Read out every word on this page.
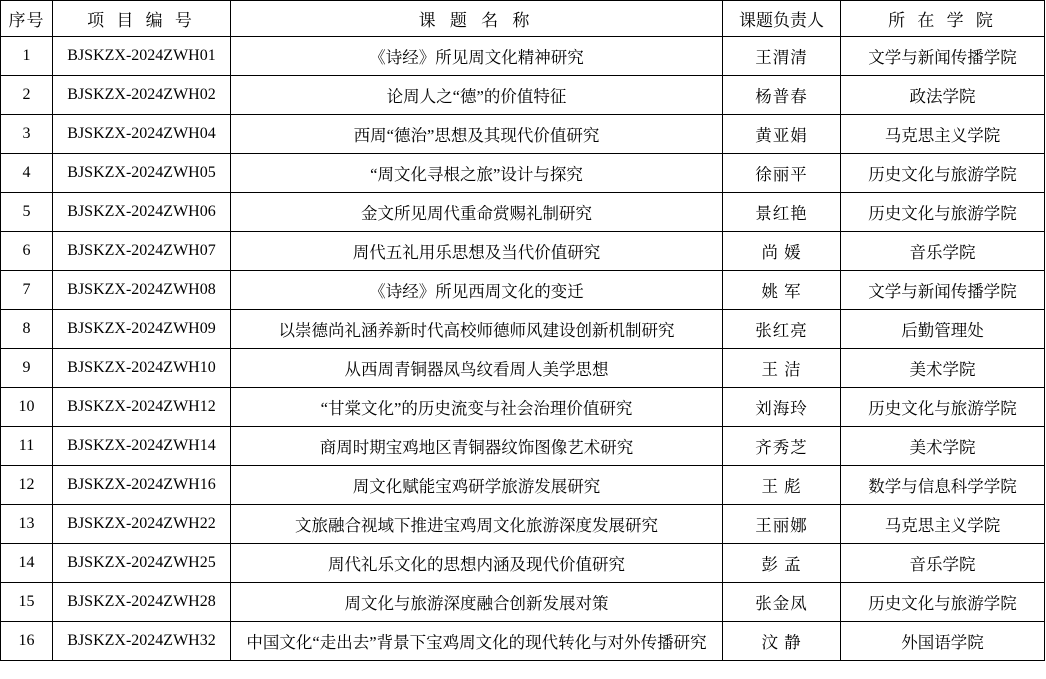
序号	项 目 编 号	课 题 名 称	课题负责人	所 在 学 院
1	BJSKZX-2024ZWH01	《诗经》所见周文化精神研究	王渭清	文学与新闻传播学院
2	BJSKZX-2024ZWH02	论周人之“德”的价值特征	杨普春	政法学院
3	BJSKZX-2024ZWH04	西周“德治”思想及其现代价值研究	黄亚娟	马克思主义学院
4	BJSKZX-2024ZWH05	“周文化寻根之旅”设计与探究	徐丽平	历史文化与旅游学院
5	BJSKZX-2024ZWH06	金文所见周代重命赏赐礼制研究	景红艳	历史文化与旅游学院
6	BJSKZX-2024ZWH07	周代五礼用乐思想及当代价值研究	尚 媛	音乐学院
7	BJSKZX-2024ZWH08	《诗经》所见西周文化的变迁	姚 军	文学与新闻传播学院
8	BJSKZX-2024ZWH09	以崇德尚礼涵养新时代高校师德师风建设创新机制研究	张红亮	后勤管理处
9	BJSKZX-2024ZWH10	从西周青铜器凤鸟纹看周人美学思想	王 洁	美术学院
10	BJSKZX-2024ZWH12	“甘棠文化”的历史流变与社会治理价值研究	刘海玲	历史文化与旅游学院
11	BJSKZX-2024ZWH14	商周时期宝鸡地区青铜器纹饰图像艺术研究	齐秀芝	美术学院
12	BJSKZX-2024ZWH16	周文化赋能宝鸡研学旅游发展研究	王 彪	数学与信息科学学院
13	BJSKZX-2024ZWH22	文旅融合视域下推进宝鸡周文化旅游深度发展研究	王丽娜	马克思主义学院
14	BJSKZX-2024ZWH25	周代礼乐文化的思想内涵及现代价值研究	彭 孟	音乐学院
15	BJSKZX-2024ZWH28	周文化与旅游深度融合创新发展对策	张金凤	历史文化与旅游学院
16	BJSKZX-2024ZWH32	中国文化“走出去”背景下宝鸡周文化的现代转化与对外传播研究	汶 静	外国语学院
